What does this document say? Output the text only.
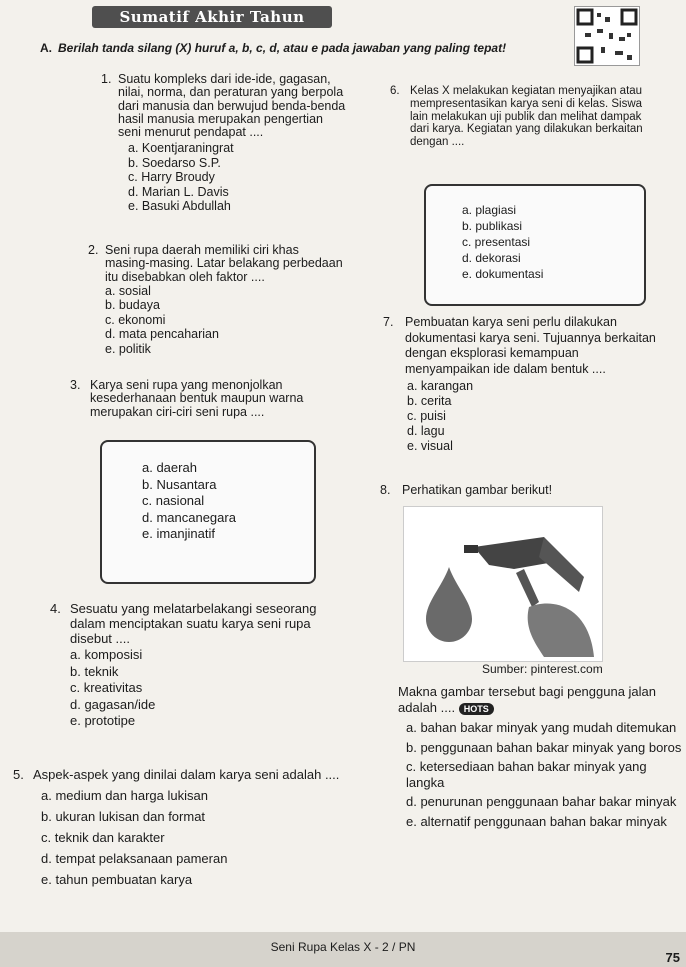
Sumatif Akhir Tahun
A. Berilah tanda silang (X) huruf a, b, c, d, atau e pada jawaban yang paling tepat!
1. Suatu kompleks dari ide-ide, gagasan, nilai, norma, dan peraturan yang berpola dari manusia dan berwujud benda-benda hasil manusia merupakan pengertian seni menurut pendapat ....

a. Koentjaraningrat
b. Soedarso S.P.
c. Harry Broudy
d. Marian L. Davis
e. Basuki Abdullah
2. Seni rupa daerah memiliki ciri khas masing-masing. Latar belakang perbedaan itu disebabkan oleh faktor ....

a. sosial
b. budaya
c. ekonomi
d. mata pencaharian
e. politik
3. Karya seni rupa yang menonjolkan kesederhanaan bentuk maupun warna merupakan ciri-ciri seni rupa ....

a. daerah
b. Nusantara
c. nasional
d. mancanegara
e. imanjinatif
4. Sesuatu yang melatarbelakangi seseorang dalam menciptakan suatu karya seni rupa disebut ....

a. komposisi
b. teknik
c. kreativitas
d. gagasan/ide
e. prototipe
5. Aspek-aspek yang dinilai dalam karya seni adalah ....

a. medium dan harga lukisan
b. ukuran lukisan dan format
c. teknik dan karakter
d. tempat pelaksanaan pameran
e. tahun pembuatan karya
6. Kelas X melakukan kegiatan menyajikan atau mempresentasikan karya seni di kelas. Siswa lain melakukan uji publik dan melihat dampak dari karya. Kegiatan yang dilakukan berkaitan dengan ....

a. plagiasi
b. publikasi
c. presentasi
d. dekorasi
e. dokumentasi
7. Pembuatan karya seni perlu dilakukan dokumentasi karya seni. Tujuannya berkaitan dengan eksplorasi kemampuan menyampaikan ide dalam bentuk ....

a. karangan
b. cerita
c. puisi
d. lagu
e. visual
8. Perhatikan gambar berikut!

Sumber: pinterest.com

Makna gambar tersebut bagi pengguna jalan adalah .... HOTS

a. bahan bakar minyak yang mudah ditemukan
b. penggunaan bahan bakar minyak yang boros
c. ketersediaan bahan bakar minyak yang langka
d. penurunan penggunaan bahar bakar minyak
e. alternatif penggunaan bahan bakar minyak
Seni Rupa Kelas X - 2 / PN
75
